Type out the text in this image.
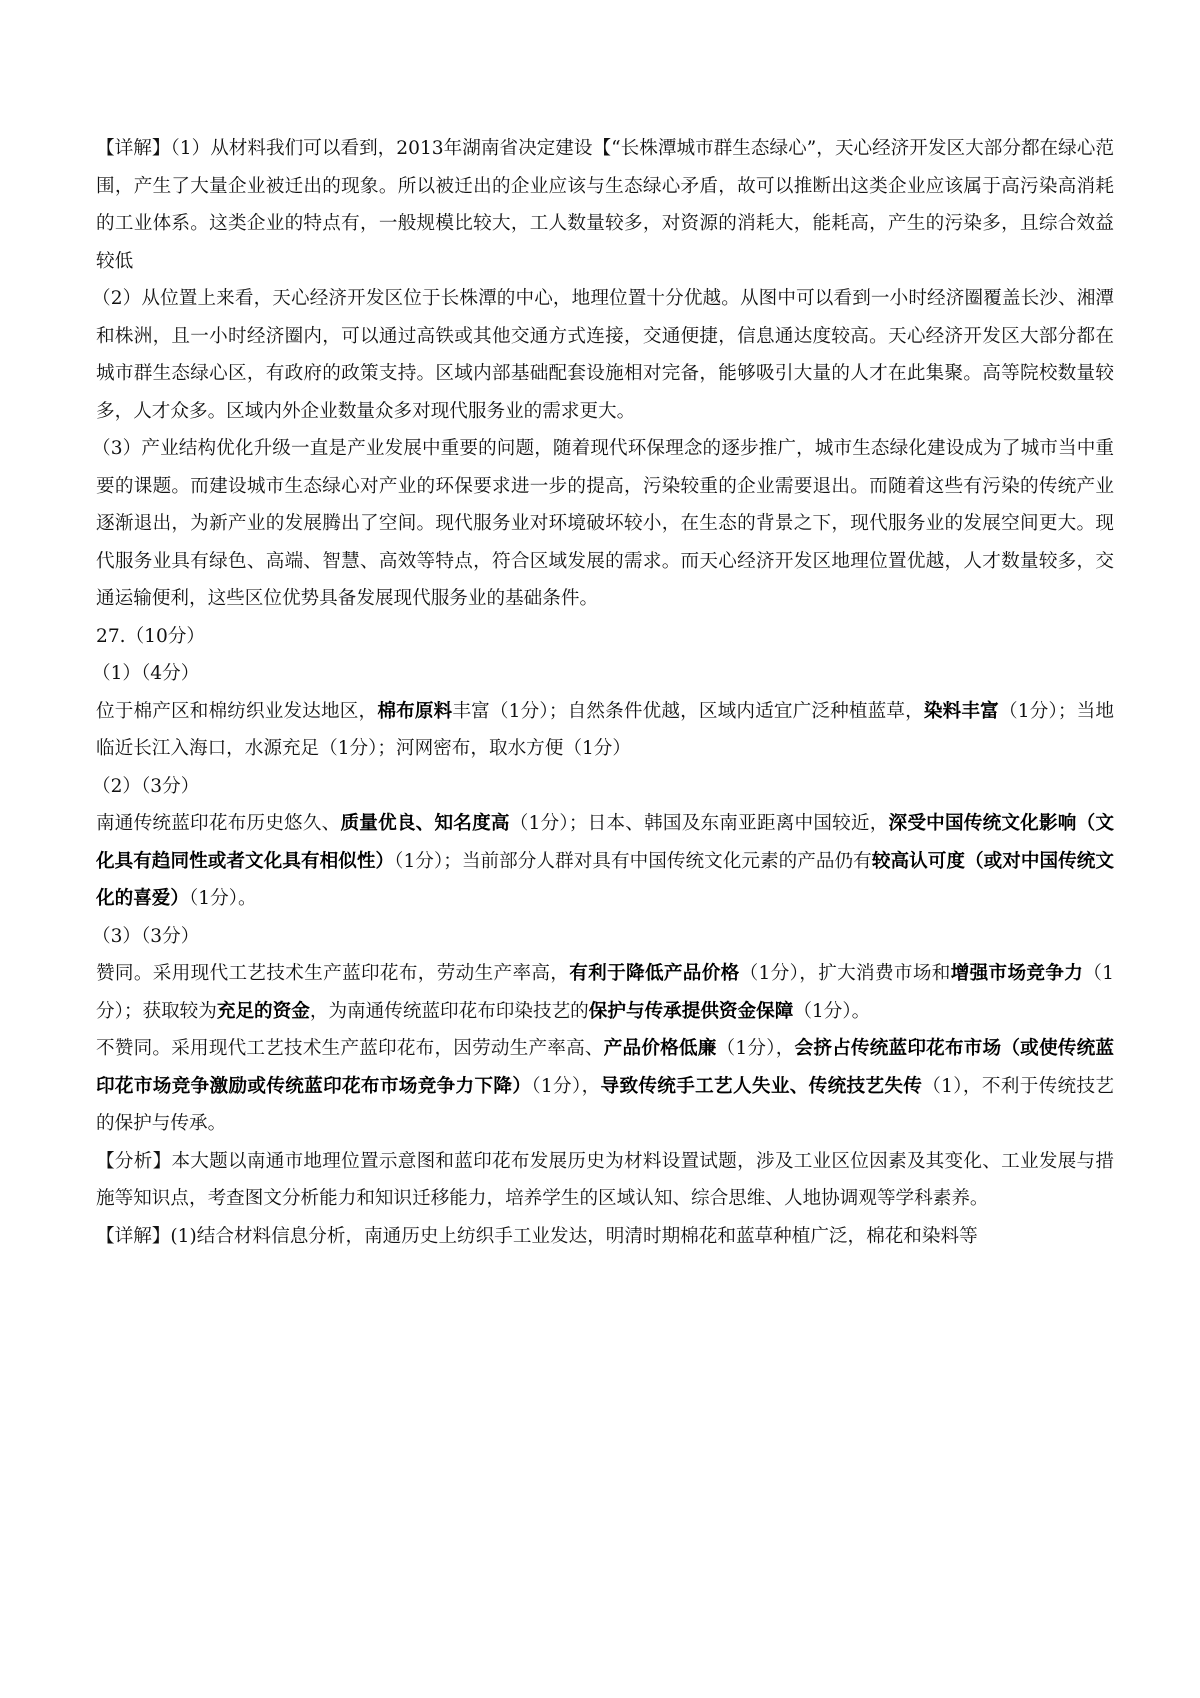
【详解】（1）从材料我们可以看到，2013年湖南省决定建设【“长株潭城市群生态绿心”，天心经济开发区大部分都在绿心范围，产生了大量企业被迁出的现象。所以被迁出的企业应该与生态绿心矛盾，故可以推断出这类企业应该属于高污染高消耗的工业体系。这类企业的特点有，一般规模比较大，工人数量较多，对资源的消耗大，能耗高，产生的污染多，且综合效益较低

（2）从位置上来看，天心经济开发区位于长株潭的中心，地理位置十分优越。从图中可以看到一小时经济圈覆盖长沙、湘潭和株洲，且一小时经济圈内，可以通过高铁或其他交通方式连接，交通便捷，信息通达度较高。天心经济开发区大部分都在城市群生态绿心区，有政府的政策支持。区域内部基础配套设施相对完备，能够吸引大量的人才在此集聚。高等院校数量较多，人才众多。区域内外企业数量众多对现代服务业的需求更大。

（3）产业结构优化升级一直是产业发展中重要的问题，随着现代环保理念的逐步推广，城市生态绿化建设成为了城市当中重要的课题。而建设城市生态绿心对产业的环保要求进一步的提高，污染较重的企业需要退出。而随着这些有污染的传统产业逐渐退出，为新产业的发展腾出了空间。现代服务业对环境破坏较小，在生态的背景之下，现代服务业的发展空间更大。现代服务业具有绿色、高端、智慧、高效等特点，符合区域发展的需求。而天心经济开发区地理位置优越，人才数量较多，交通运输便利，这些区位优势具备发展现代服务业的基础条件。

27.（10分）

（1）（4分）

位于棉产区和棉纺织业发达地区，棉布原料丰富（1分）；自然条件优越，区域内适宜广泛种植蓝草，染料丰富（1分）；当地临近长江入海口，水源充足（1分）；河网密布，取水方便（1分）

（2）（3分）

南通传统蓝印花布历史悠久、质量优良、知名度高（1分）；日本、韩国及东南亚距离中国较近，深受中国传统文化影响（文化具有趋同性或者文化具有相似性）（1分）；当前部分人群对具有中国传统文化元素的产品仍有较高认可度（或对中国传统文化的喜爱）（1分）。

（3）（3分）

赞同。采用现代工艺技术生产蓝印花布，劳动生产率高，有利于降低产品价格（1分），扩大消费市场和增强市场竞争力（1分）；获取较为充足的资金，为南通传统蓝印花布印染技艺的保护与传承提供资金保障（1分）。

不赞同。采用现代工艺技术生产蓝印花布，因劳动生产率高、产品价格低廉（1分），会挤占传统蓝印花布市场（或使传统蓝印花市场竞争激励或传统蓝印花布市场竞争力下降）（1分），导致传统手工艺人失业、传统技艺失传（1），不利于传统技艺的保护与传承。

【分析】本大题以南通市地理位置示意图和蓝印花布发展历史为材料设置试题，涉及工业区位因素及其变化、工业发展与措施等知识点，考查图文分析能力和知识迁移能力，培养学生的区域认知、综合思维、人地协调观等学科素养。

【详解】(1)结合材料信息分析，南通历史上纺织手工业发达，明清时期棉花和蓝草种植广泛，棉花和染料等
